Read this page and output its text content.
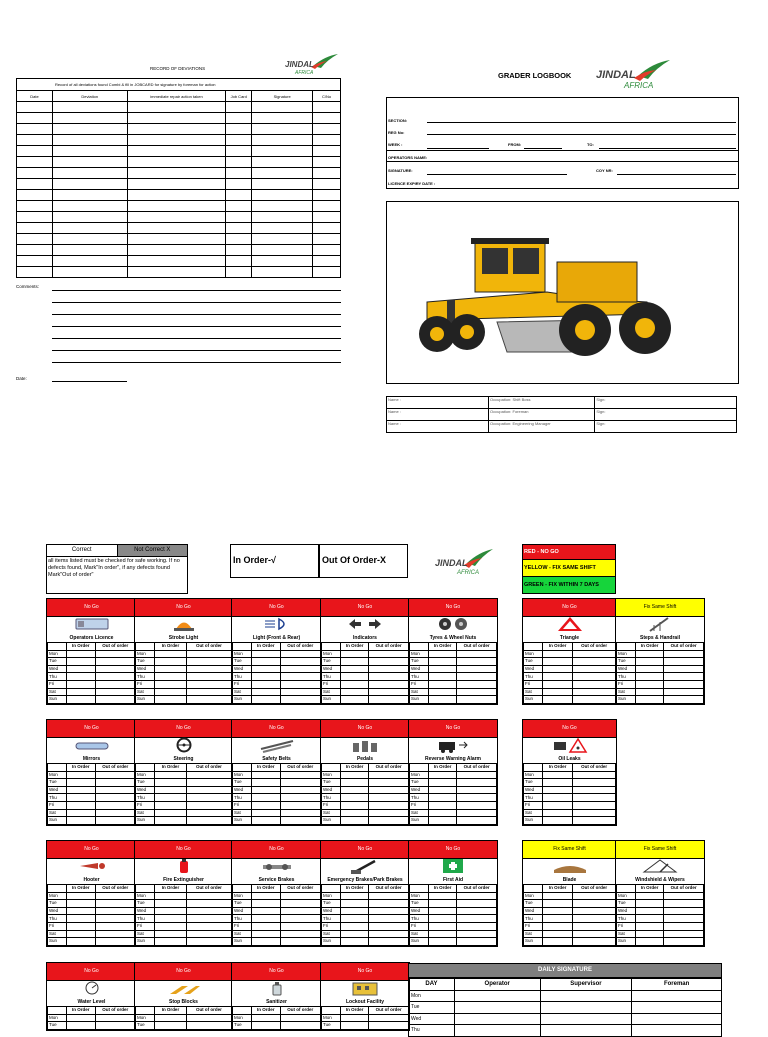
RECORD OF DEVIATIONS	JINDAL
AFRICA
Record of all deviations found Combi & fill in JOBCARD for signature by foreman for action
Date	Deviation	immediate repair action taken	Job Card	Signature	C/No

Comments:
Date:
GRADER LOGBOOK JINDAL
AFRICA
SECTION:
REG No:
WEEK :	FROM:	TO:
OPERATORS NAME:
SIGNATURE:	COY NR:
LICENCE EXPIRY DATE :
Name :	Occupation: Shift Boss	Sign:
Name :	Occupation: Foreman	Sign:
Name :	Occupation: Engineering Manager	Sign:
Correct	Not Correct X
all items listed must be checked for safe working. If no defects found, Mark"In order", if any defects found Mark"Out of order"
In Order-√	Out Of Order-X	JINDAL
AFRICA
RED - NO GO
YELLOW - FIX SAME SHIFT
GREEN - FIX WITHIN 7 DAYS
No Go
Operators Licence
	In Order	Out of order
Mon		
Tue		
Wed		
Thu		
Fri		
Sat		
Sun		
No Go
Strobe Light
	In Order	Out of order
Mon		
Tue		
Wed		
Thu		
Fri		
Sat		
Sun		
No Go
Light (Front & Rear)
	In Order	Out of order
Mon		
Tue		
Wed		
Thu		
Fri		
Sat		
Sun		
No Go
Indicators
	In Order	Out of order
Mon		
Tue		
Wed		
Thu		
Fri		
Sat		
Sun		
No Go
Tyres & Wheel Nuts
	In Order	Out of order
Mon		
Tue		
Wed		
Thu		
Fri		
Sat		
Sun		
No Go
Triangle
	In Order	Out of order
Mon		
Tue		
Wed		
Thu		
Fri		
Sat		
Sun		
Fix Same Shift
Steps & Handrail
	In Order	Out of order
Mon		
Tue		
Wed		
Thu		
Fri		
Sat		
Sun		
No Go
Mirrors
	In Order	Out of order
Mon		
Tue		
Wed		
Thu		
Fri		
Sat		
Sun		
No Go
Steering
	In Order	Out of order
Mon		
Tue		
Wed		
Thu		
Fri		
Sat		
Sun		
No Go
Safety Belts
	In Order	Out of order
Mon		
Tue		
Wed		
Thu		
Fri		
Sat		
Sun		
No Go
Pedals
	In Order	Out of order
Mon		
Tue		
Wed		
Thu		
Fri		
Sat		
Sun		
No Go
Reverse Warning Alarm
	In Order	Out of order
Mon		
Tue		
Wed		
Thu		
Fri		
Sat		
Sun		
No Go
Oil Leaks
	In Order	Out of order
Mon		
Tue		
Wed		
Thu		
Fri		
Sat		
Sun		
No Go
Hooter
	In Order	Out of order
Mon		
Tue		
Wed		
Thu		
Fri		
Sat		
Sun		
No Go
Fire Extinguisher
	In Order	Out of order
Mon		
Tue		
Wed		
Thu		
Fri		
Sat		
Sun		
No Go
Service Brakes
	In Order	Out of order
Mon		
Tue		
Wed		
Thu		
Fri		
Sat		
Sun		
No Go
Emergency Brakes/Park Brakes
	In Order	Out of order
Mon		
Tue		
Wed		
Thu		
Fri		
Sat		
Sun		
No Go
First Aid
	In Order	Out of order
Mon		
Tue		
Wed		
Thu		
Fri		
Sat		
Sun		
Fix Same Shift
Blade
	In Order	Out of order
Mon		
Tue		
Wed		
Thu		
Fri		
Sat		
Sun		
Fix Same Shift
Windshield & Wipers
	In Order	Out of order
Mon		
Tue		
Wed		
Thu		
Fri		
Sat		
Sun		
No Go
Water Level
	In Order	Out of order
Mon		
Tue		
No Go
Stop Blocks
	In Order	Out of order
Mon		
Tue		
No Go
Sanitizer
	In Order	Out of order
Mon		
Tue		
No Go
Lockout Facility
	In Order	Out of order
Mon		
Tue		
DAILY SIGNATURE
DAY	Operator	Supervisor	Foreman
Mon			
Tue			
Wed			
Thu			
